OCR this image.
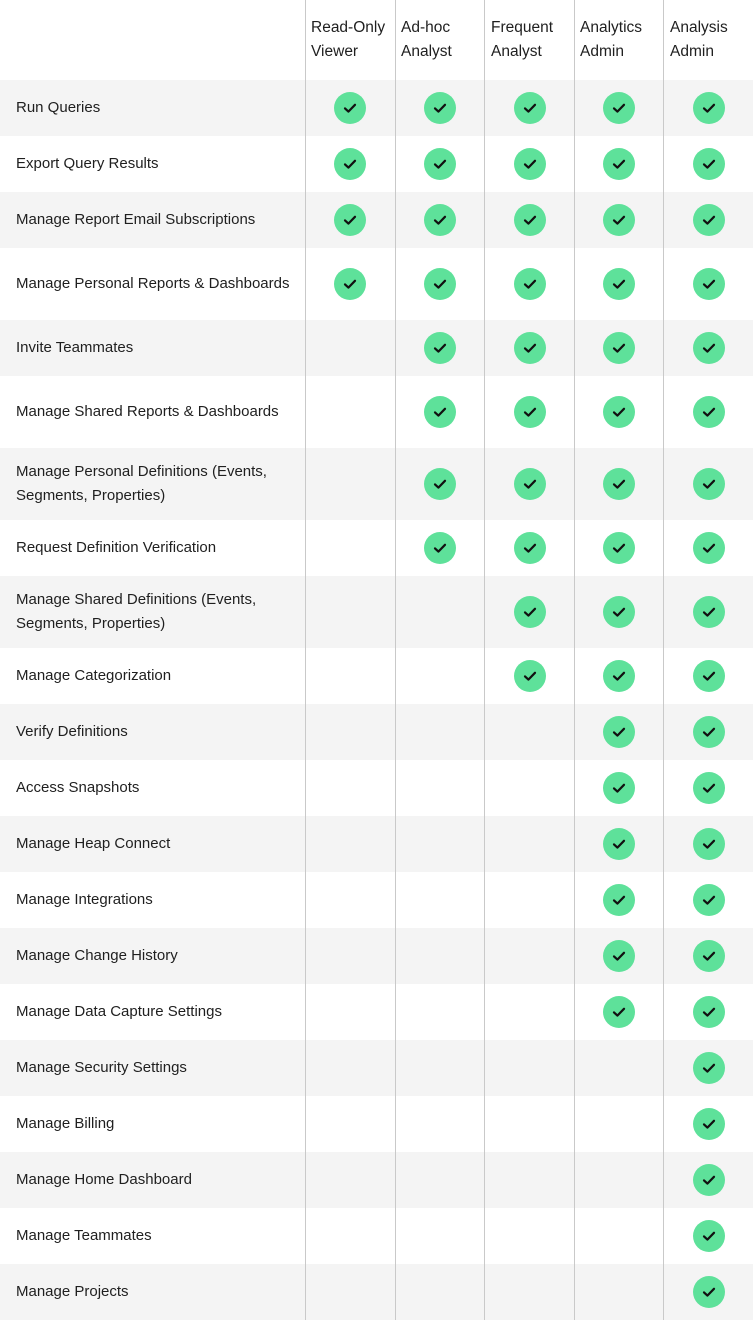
Read-Only
Viewer
Ad-hoc
Analyst
Frequent
Analyst
Analytics
Admin
Analysis
Admin
Run Queries
Export Query Results
Manage Report Email Subscriptions
Manage Personal Reports & Dashboards
Invite Teammates
Manage Shared Reports & Dashboards
Manage Personal Definitions (Events, Segments, Properties)
Request Definition Verification
Manage Shared Definitions (Events, Segments, Properties)
Manage Categorization
Verify Definitions
Access Snapshots
Manage Heap Connect
Manage Integrations
Manage Change History
Manage Data Capture Settings
Manage Security Settings
Manage Billing
Manage Home Dashboard
Manage Teammates
Manage Projects
